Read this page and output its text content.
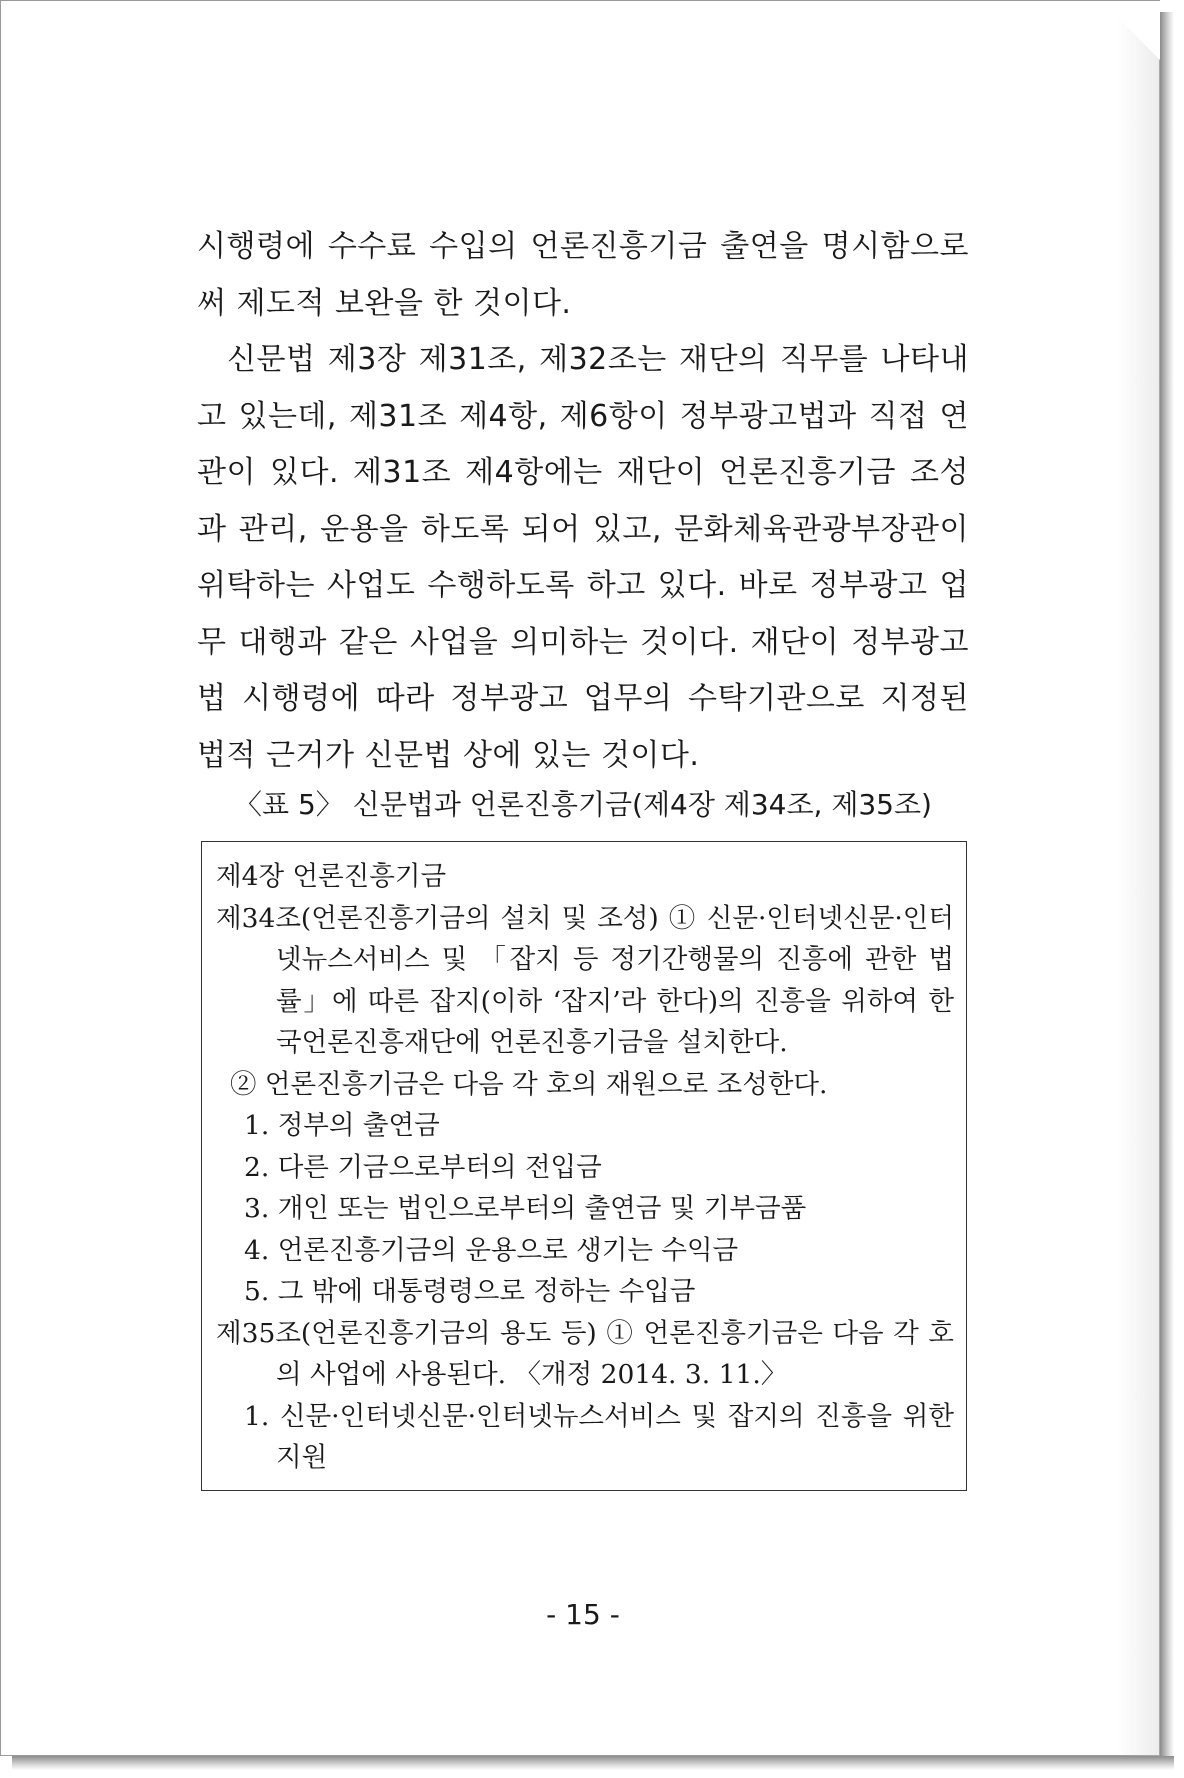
시행령에 수수료 수입의 언론진흥기금 출연을 명시함으로써 제도적 보완을 한 것이다.

신문법 제3장 제31조, 제32조는 재단의 직무를 나타내고 있는데, 제31조 제4항, 제6항이 정부광고법과 직접 연관이 있다. 제31조 제4항에는 재단이 언론진흥기금 조성과 관리, 운용을 하도록 되어 있고, 문화체육관광부장관이 위탁하는 사업도 수행하도록 하고 있다. 바로 정부광고 업무 대행과 같은 사업을 의미하는 것이다. 재단이 정부광고법 시행령에 따라 정부광고 업무의 수탁기관으로 지정된 법적 근거가 신문법 상에 있는 것이다.

〈표 5〉 신문법과 언론진흥기금(제4장 제34조, 제35조)

제4장 언론진흥기금

제34조(언론진흥기금의 설치 및 조성) ① 신문·인터넷신문·인터넷뉴스서비스 및 「잡지 등 정기간행물의 진흥에 관한 법률」에 따른 잡지(이하 ‘잡지’라 한다)의 진흥을 위하여 한국언론진흥재단에 언론진흥기금을 설치한다.

② 언론진흥기금은 다음 각 호의 재원으로 조성한다.

1. 정부의 출연금

2. 다른 기금으로부터의 전입금

3. 개인 또는 법인으로부터의 출연금 및 기부금품

4. 언론진흥기금의 운용으로 생기는 수익금

5. 그 밖에 대통령령으로 정하는 수입금

제35조(언론진흥기금의 용도 등) ① 언론진흥기금은 다음 각 호의 사업에 사용된다. 〈개정 2014. 3. 11.〉

1. 신문·인터넷신문·인터넷뉴스서비스 및 잡지의 진흥을 위한 지원

- 15 -
